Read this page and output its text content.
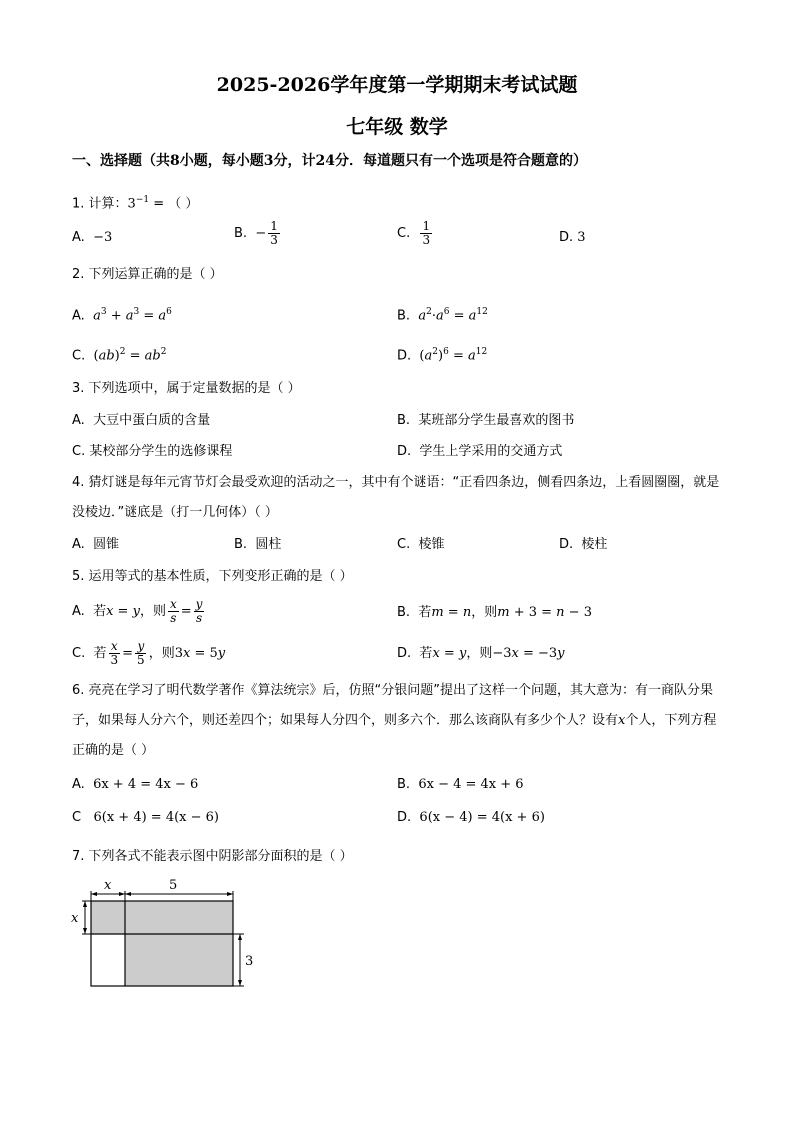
2025-2026学年度第一学期期末考试试题
七年级 数学
一、选择题（共8小题，每小题3分，计24分．每道题只有一个选项是符合题意的）
1. 计算：$3^{-1}$ = （ ）
A. −3	B. − $\frac{1}{3}$	C. $\frac{1}{3}$	D. 3
2. 下列运算正确的是（ ）
A. $a^3 + a^3 = a^6$	B. $a^2\cdot a^6 = a^{12}$
C. $(ab)^2 = ab^2$	D. $(a^2)^6 = a^{12}$
3. 下列选项中，属于定量数据的是（ ）
A. 大豆中蛋白质的含量	B. 某班部分学生最喜欢的图书
C. 某校部分学生的选修课程	D. 学生上学采用的交通方式
4. 猜灯谜是每年元宵节灯会最受欢迎的活动之一，其中有个谜语：“正看四条边，侧看四条边，上看圆圈圈，就是没棱边．”谜底是（打一几何体）（ ）
A. 圆锥	B. 圆柱	C. 棱锥	D. 棱柱
5. 运用等式的基本性质，下列变形正确的是（ ）
A. 若x = y，则 $\frac{x}{s} = \frac{y}{s}$	B. 若m = n，则m + 3 = n − 3
C. 若 $\frac{x}{3} = \frac{y}{5}$ ，则3x = 5y	D. 若x = y，则−3x = −3y
6. 亮亮在学习了明代数学著作《算法统宗》后，仿照“分银问题”提出了这样一个问题，其大意为：有一商队分果子，如果每人分六个，则还差四个；如果每人分四个，则多六个．那么该商队有多少个人？设有x个人，下列方程正确的是（ ）
A. 6x + 4 = 4x − 6	B. 6x − 4 = 4x + 6
C 6(x + 4) = 4(x − 6)	D. 6(x − 4) = 4(x + 6)
7. 下列各式不能表示图中阴影部分面积的是（ ）
x	5
x
3
